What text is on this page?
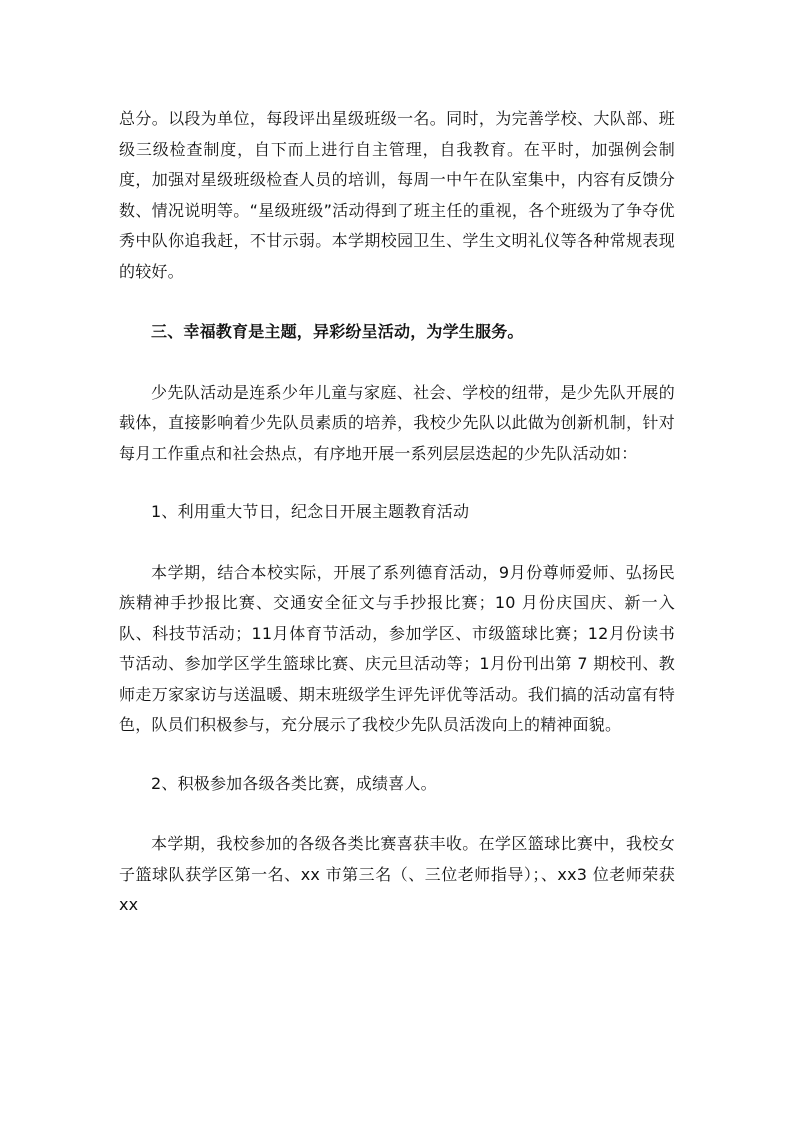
总分。以段为单位，每段评出星级班级一名。同时，为完善学校、大队部、班级三级检查制度，自下而上进行自主管理，自我教育。在平时，加强例会制度，加强对星级班级检查人员的培训，每周一中午在队室集中，内容有反馈分数、情况说明等。“星级班级”活动得到了班主任的重视，各个班级为了争夺优秀中队你追我赶，不甘示弱。本学期校园卫生、学生文明礼仪等各种常规表现的较好。

三、幸福教育是主题，异彩纷呈活动，为学生服务。

少先队活动是连系少年儿童与家庭、社会、学校的纽带，是少先队开展的载体，直接影响着少先队员素质的培养，我校少先队以此做为创新机制，针对每月工作重点和社会热点，有序地开展一系列层层迭起的少先队活动如：

1、利用重大节日，纪念日开展主题教育活动

本学期，结合本校实际，开展了系列德育活动，9月份尊师爱师、弘扬民族精神手抄报比赛、交通安全征文与手抄报比赛；10 月份庆国庆、新一入队、科技节活动；11月体育节活动，参加学区、市级篮球比赛；12月份读书节活动、参加学区学生篮球比赛、庆元旦活动等；1月份刊出第 7 期校刊、教师走万家家访与送温暖、期末班级学生评先评优等活动。我们搞的活动富有特色，队员们积极参与，充分展示了我校少先队员活泼向上的精神面貌。

2、积极参加各级各类比赛，成绩喜人。

本学期，我校参加的各级各类比赛喜获丰收。在学区篮球比赛中，我校女子篮球队获学区第一名、xx 市第三名（、三位老师指导）；、xx3 位老师荣获 xx
